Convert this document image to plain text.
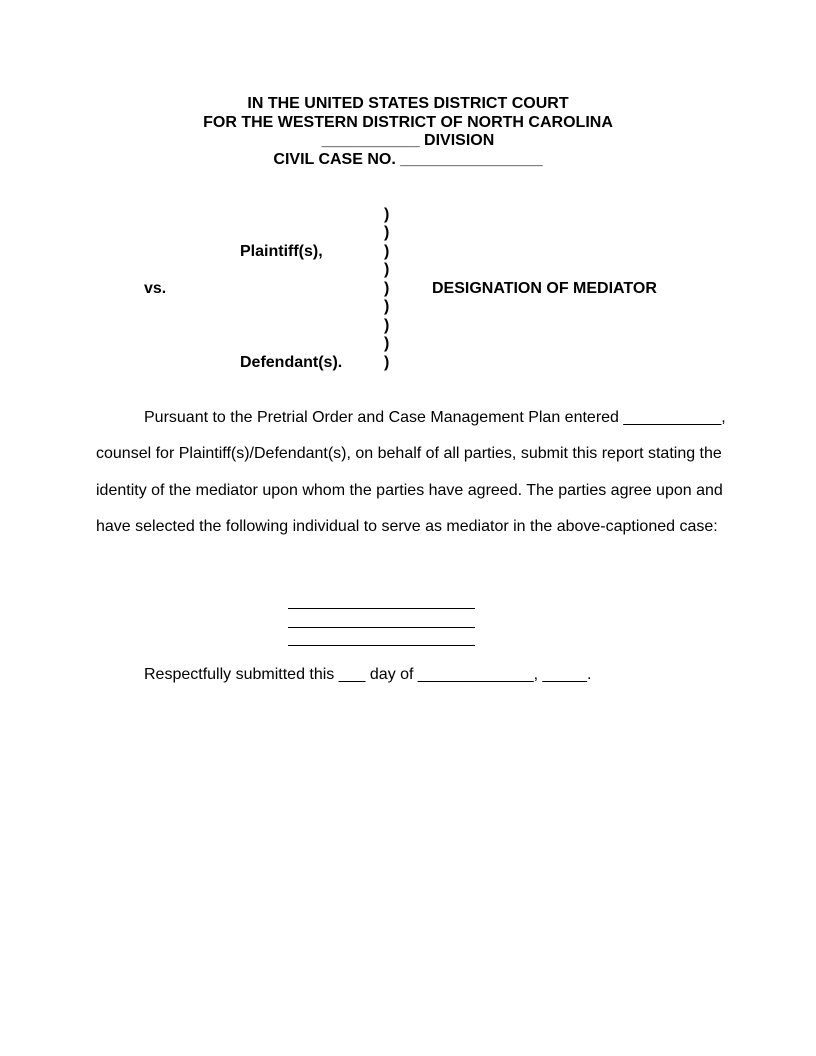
IN THE UNITED STATES DISTRICT COURT
FOR THE WESTERN DISTRICT OF NORTH CAROLINA
___________ DIVISION
CIVIL CASE NO. ________________
)
)
)
)
)
)
)
)
)
Plaintiff(s),
vs.
Defendant(s).
DESIGNATION OF MEDIATOR
Pursuant to the Pretrial Order and Case Management Plan entered ___________,
counsel for Plaintiff(s)/Defendant(s), on behalf of all parties, submit this report stating the
identity of the mediator upon whom the parties have agreed. The parties agree upon and
have selected the following individual to serve as mediator in the above-captioned case:
Respectfully submitted this ___ day of _____________, _____.
